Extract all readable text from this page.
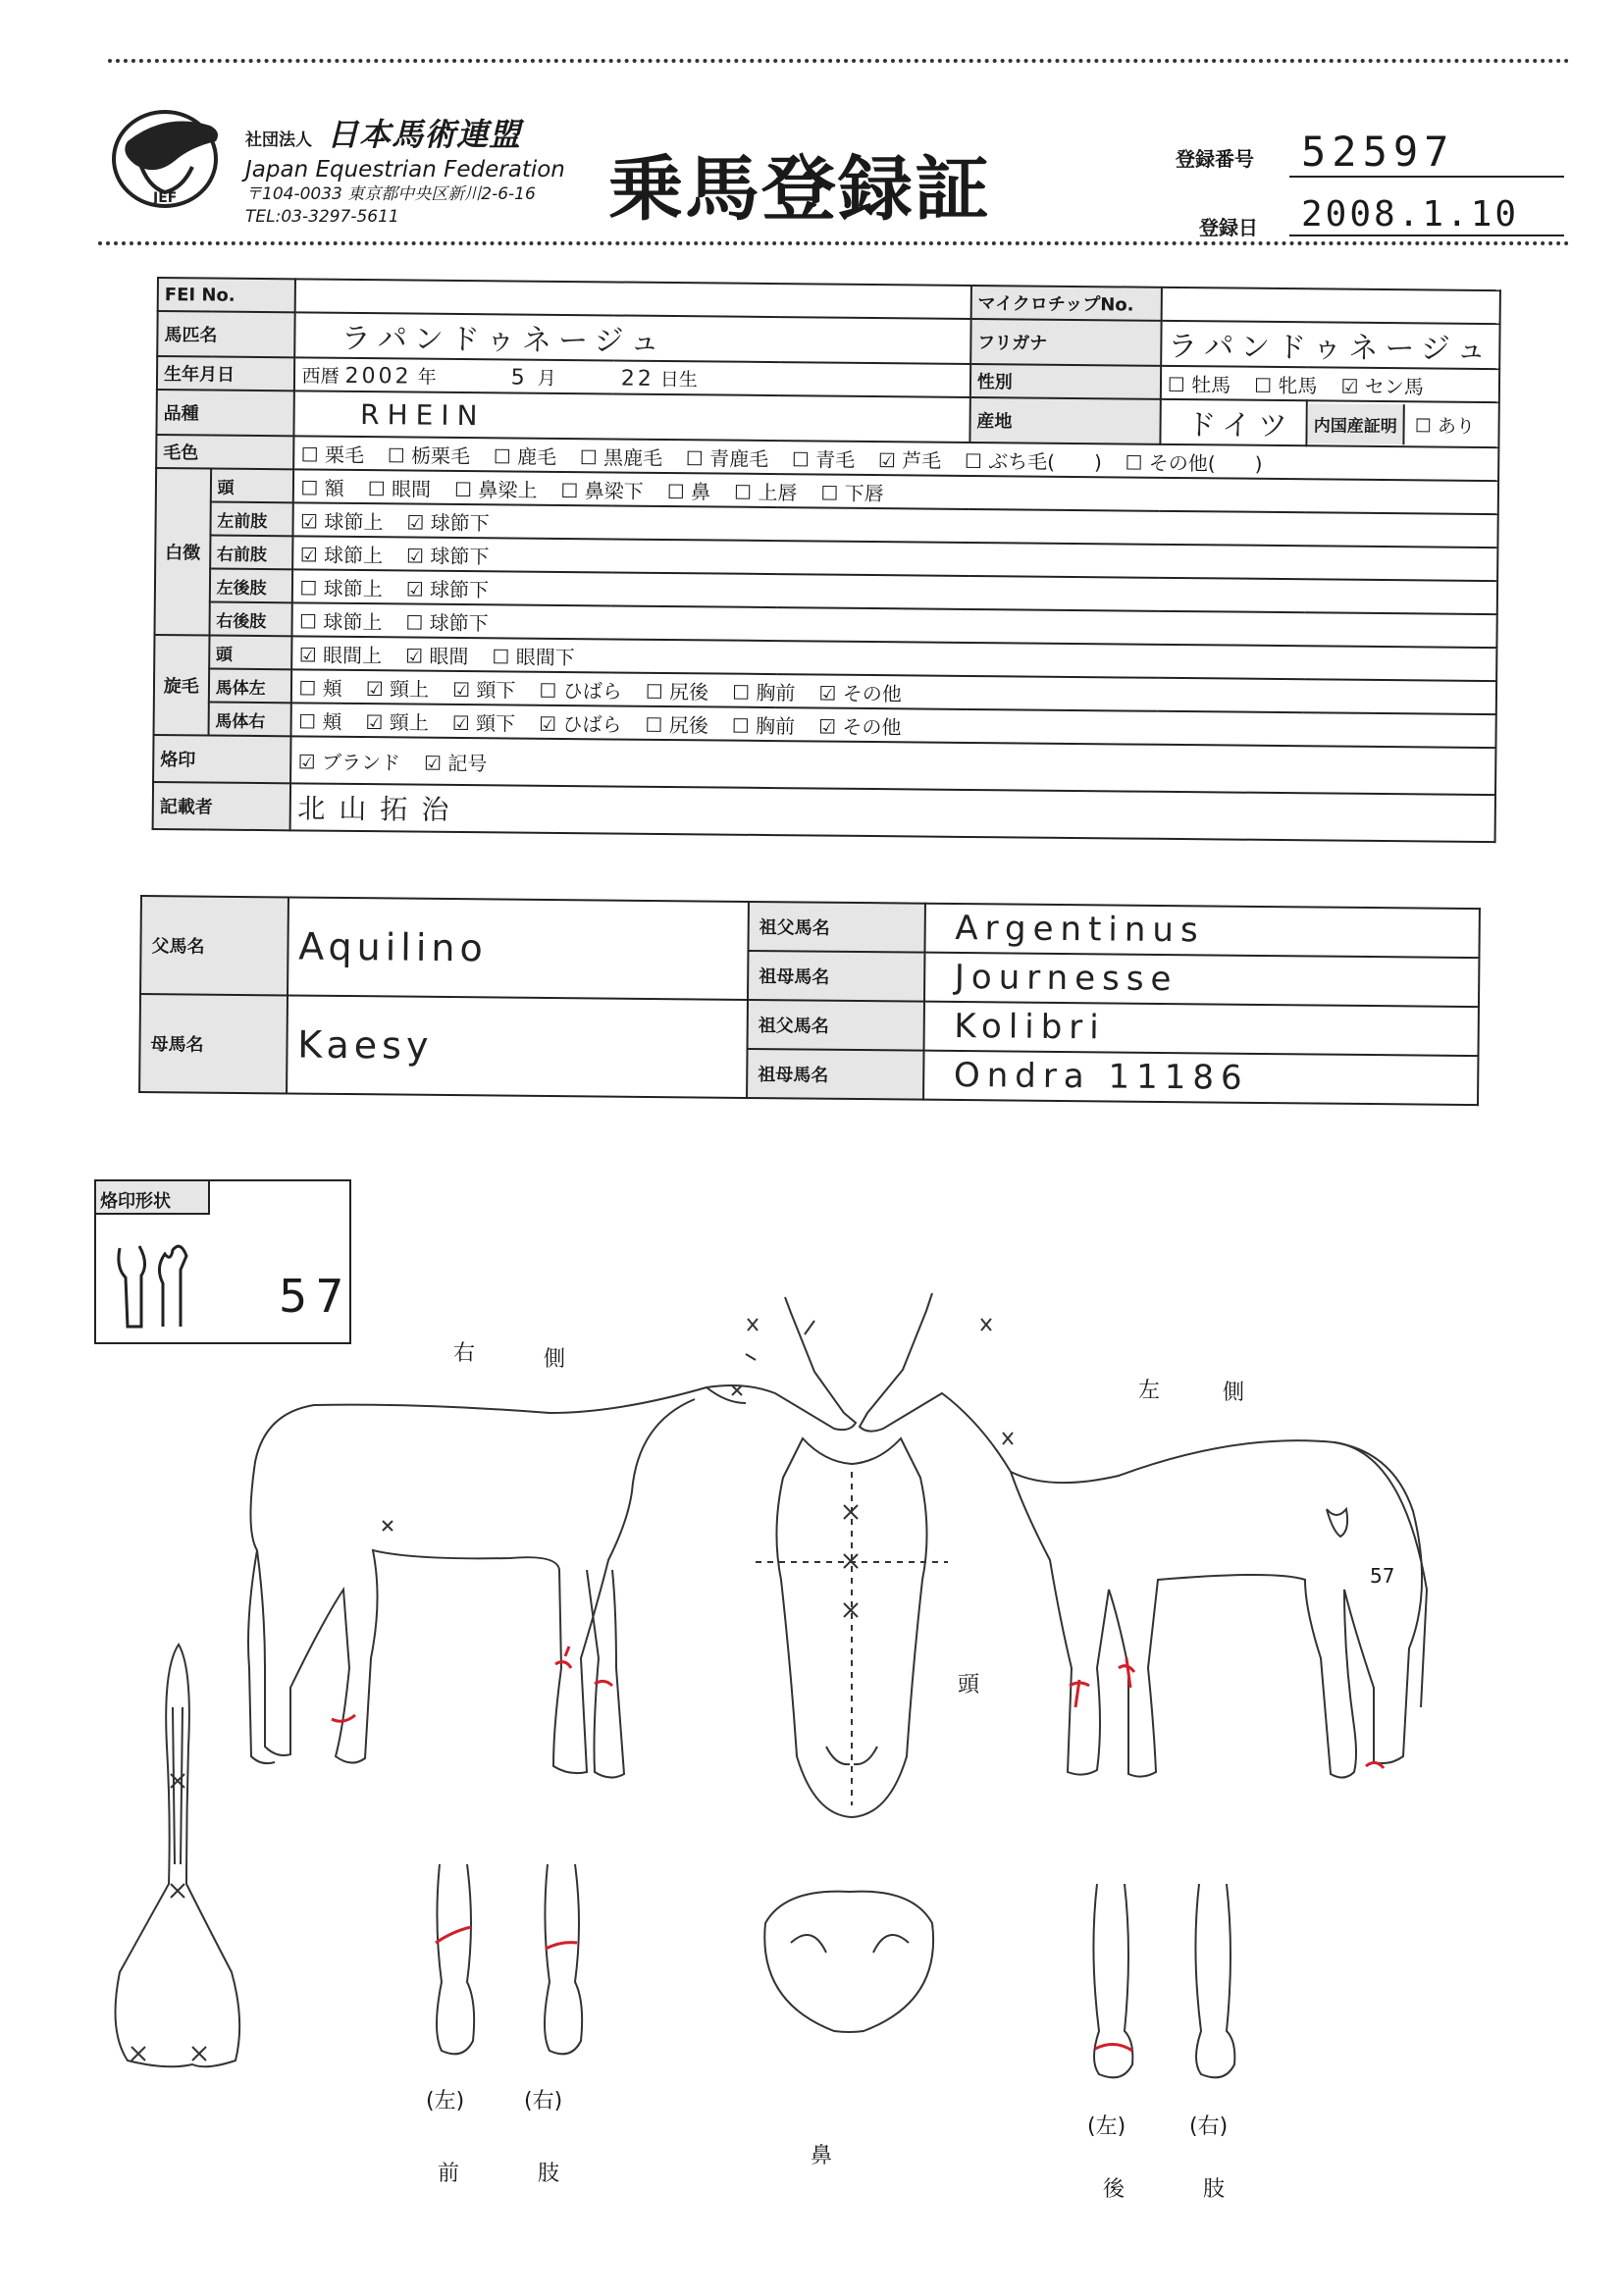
JEF
社団法人 日本馬術連盟
Japan Equestrian Federation
〒104-0033 東京都中央区新川2-6-16
TEL:03-3297-5611	乗馬登録証	登録番号 52597
登録日	2008.1.10
FEI No.			マイクロチップNo.		
馬匹名		ラパンドゥネージュ	フリガナ	ラパンドゥネージュ	
生年月日		西暦 2002 年 5 月 22 日生	性別	☐ 牡馬 ☐ 牝馬 ☑ セン馬	
品種		RHEIN	産地	ドイツ	内国産証明 ☐ あり
毛色		☐ 栗毛 ☐ 栃栗毛 ☐ 鹿毛 ☐ 黒鹿毛 ☐ 青鹿毛 ☐ 青毛 ☑ 芦毛 ☐ ぶち毛(　　) ☐ その他(　　)			
白徴	頭	☐ 額 ☐ 眼間 ☐ 鼻梁上 ☐ 鼻梁下 ☐ 鼻 ☐ 上唇 ☐ 下唇			
	左前肢	☑ 球節上 ☑ 球節下			
	右前肢	☑ 球節上 ☑ 球節下			
	左後肢	☐ 球節上 ☑ 球節下			
	右後肢	☐ 球節上 ☐ 球節下			
旋毛	頭	☑ 眼間上 ☑ 眼間 ☐ 眼間下			
	馬体左	☐ 頬 ☑ 頸上 ☑ 頸下 ☐ ひばら ☐ 尻後 ☐ 胸前 ☑ その他			
	馬体右	☐ 頬 ☑ 頸上 ☑ 頸下 ☑ ひばら ☐ 尻後 ☐ 胸前 ☑ その他			
烙印		☑ ブランド ☑ 記号			
記載者		北山拓治			
父馬名	Aquilino	祖父馬名	Argentinus
		祖母馬名	Journesse
母馬名	Kaesy	祖父馬名	Kolibri
		祖母馬名	Ondra 11186
烙印形状
57
右	側
左	側
頭
鼻
(左)	(右)
前	肢
(左)	(右)
後	肢
57
